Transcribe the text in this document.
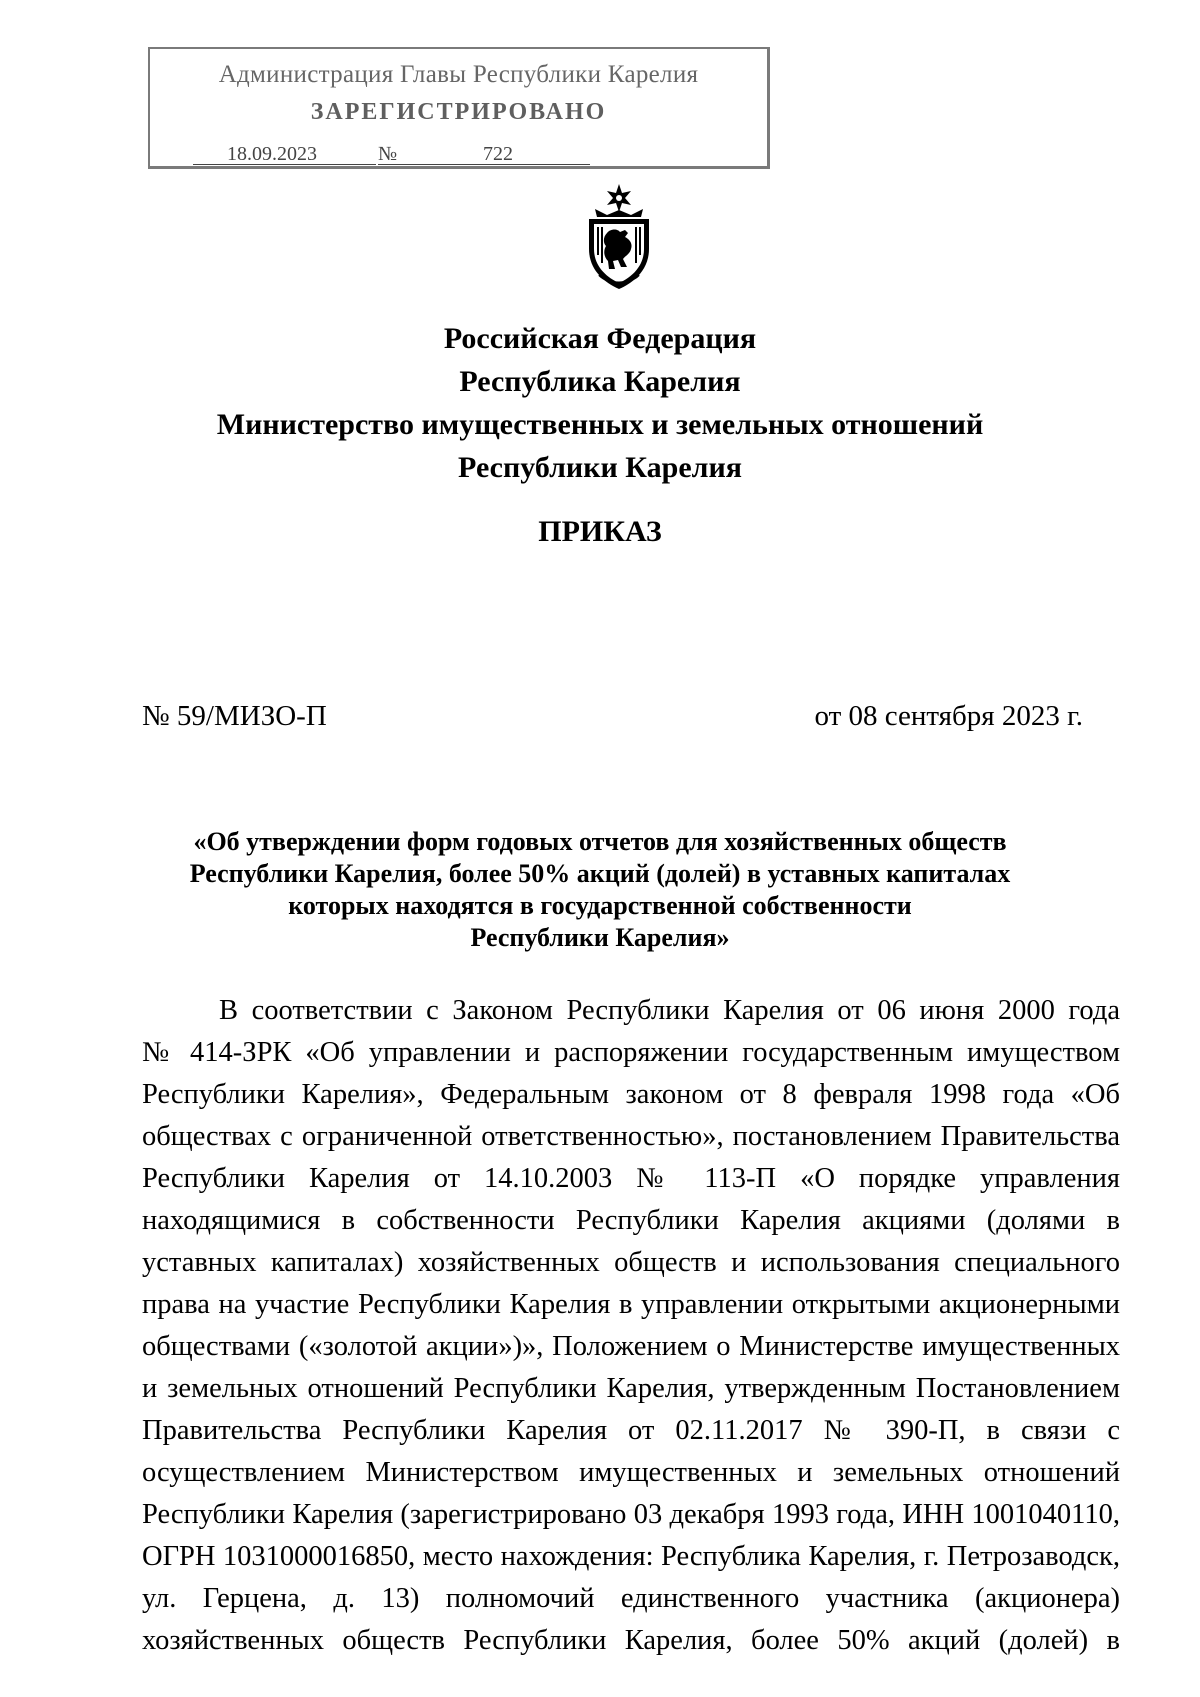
Администрация Главы Республики Карелия
ЗАРЕГИСТРИРОВАНО
18.09.2023	№	722
Российская Федерация
Республика Карелия
Министерство имущественных и земельных отношений
Республики Карелия
ПРИКАЗ
№ 59/МИЗО-П	от 08 сентября 2023 г.
«Об утверждении форм годовых отчетов для хозяйственных обществ
Республики Карелия, более 50% акций (долей) в уставных капиталах
которых находятся в государственной собственности
Республики Карелия»
В соответствии с Законом Республики Карелия от 06 июня 2000 года
№ 414-ЗРК «Об управлении и распоряжении государственным имуществом
Республики Карелия», Федеральным законом от 8 февраля 1998 года «Об
обществах с ограниченной ответственностью», постановлением Правительства
Республики Карелия от 14.10.2003 № 113-П «О порядке управления
находящимися в собственности Республики Карелия акциями (долями в
уставных капиталах) хозяйственных обществ и использования специального
права на участие Республики Карелия в управлении открытыми акционерными
обществами («золотой акции»)», Положением о Министерстве имущественных
и земельных отношений Республики Карелия, утвержденным Постановлением
Правительства Республики Карелия от 02.11.2017 № 390-П, в связи с
осуществлением Министерством имущественных и земельных отношений
Республики Карелия (зарегистрировано 03 декабря 1993 года, ИНН 1001040110,
ОГРН 1031000016850, место нахождения: Республика Карелия, г. Петрозаводск,
ул. Герцена, д. 13) полномочий единственного участника (акционера)
хозяйственных обществ Республики Карелия, более 50% акций (долей) в
